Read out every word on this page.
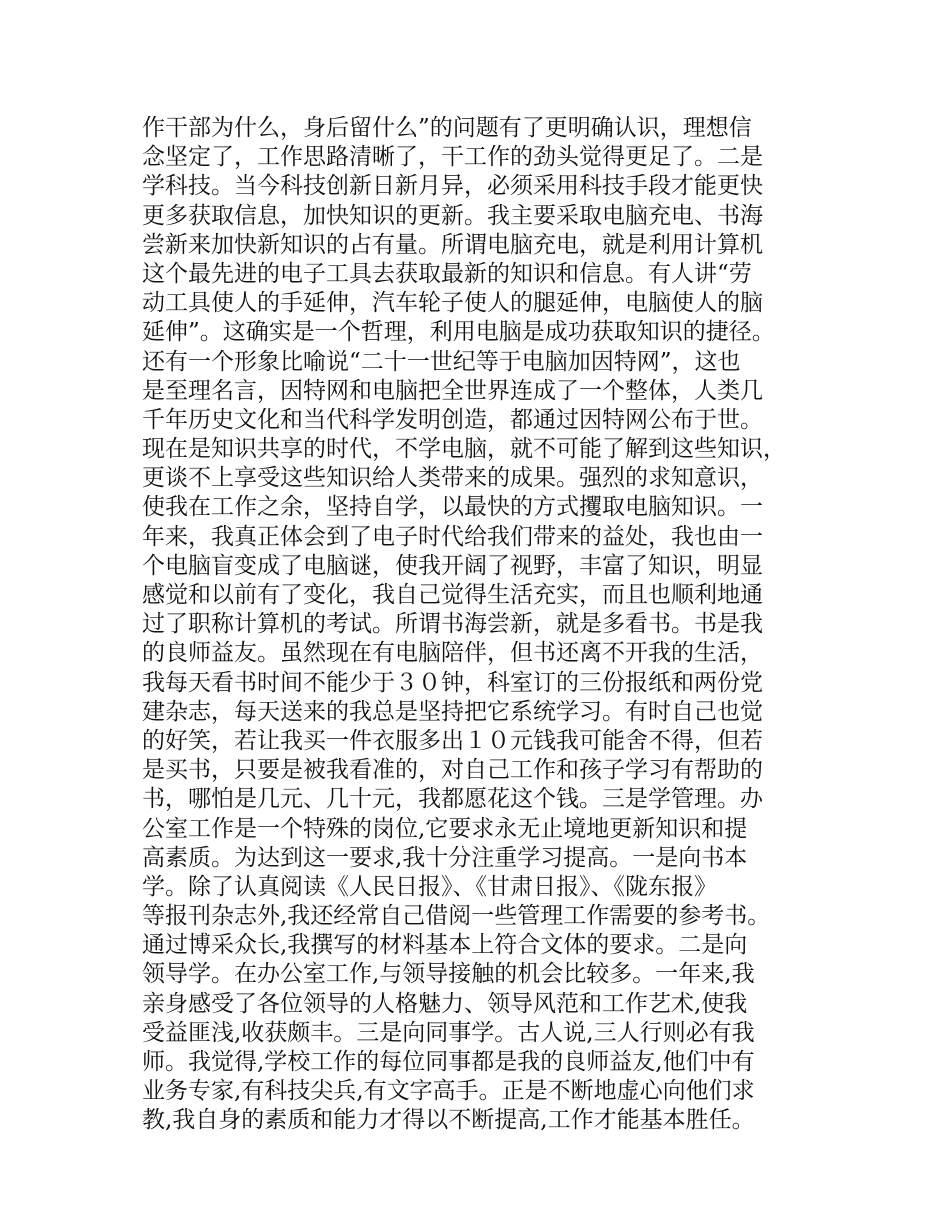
作干部为什么，身后留什么”的问题有了更明确认识，理想信
念坚定了，工作思路清晰了，干工作的劲头觉得更足了。二是
学科技。当今科技创新日新月异，必须采用科技手段才能更快
更多获取信息，加快知识的更新。我主要采取电脑充电、书海
尝新来加快新知识的占有量。所谓电脑充电，就是利用计算机
这个最先进的电子工具去获取最新的知识和信息。有人讲“劳
动工具使人的手延伸，汽车轮子使人的腿延伸，电脑使人的脑
延伸”。这确实是一个哲理，利用电脑是成功获取知识的捷径。
还有一个形象比喻说“二十一世纪等于电脑加因特网”，这也
是至理名言，因特网和电脑把全世界连成了一个整体，人类几
千年历史文化和当代科学发明创造，都通过因特网公布于世。
现在是知识共享的时代，不学电脑，就不可能了解到这些知识，
更谈不上享受这些知识给人类带来的成果。强烈的求知意识，
使我在工作之余，坚持自学，以最快的方式攫取电脑知识。一
年来，我真正体会到了电子时代给我们带来的益处，我也由一
个电脑盲变成了电脑谜，使我开阔了视野，丰富了知识，明显
感觉和以前有了变化，我自己觉得生活充实，而且也顺利地通
过了职称计算机的考试。所谓书海尝新，就是多看书。书是我
的良师益友。虽然现在有电脑陪伴，但书还离不开我的生活，
我每天看书时间不能少于３０钟，科室订的三份报纸和两份党
建杂志，每天送来的我总是坚持把它系统学习。有时自己也觉
的好笑，若让我买一件衣服多出１０元钱我可能舍不得，但若
是买书，只要是被我看准的，对自己工作和孩子学习有帮助的
书，哪怕是几元、几十元，我都愿花这个钱。三是学管理。办
公室工作是一个特殊的岗位,它要求永无止境地更新知识和提
高素质。为达到这一要求,我十分注重学习提高。一是向书本
学。除了认真阅读《人民日报》、《甘肃日报》、《陇东报》
等报刊杂志外,我还经常自己借阅一些管理工作需要的参考书。
通过博采众长,我撰写的材料基本上符合文体的要求。二是向
领导学。在办公室工作,与领导接触的机会比较多。一年来,我
亲身感受了各位领导的人格魅力、领导风范和工作艺术,使我
受益匪浅,收获颇丰。三是向同事学。古人说,三人行则必有我
师。我觉得,学校工作的每位同事都是我的良师益友,他们中有
业务专家,有科技尖兵,有文字高手。正是不断地虚心向他们求
教,我自身的素质和能力才得以不断提高,工作才能基本胜任。
